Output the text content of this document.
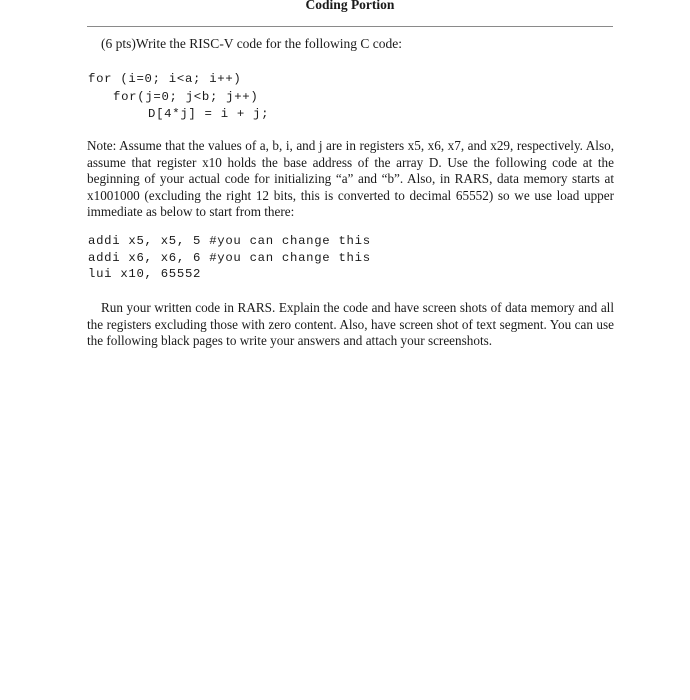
Coding Portion

(6 pts)Write the RISC-V code for the following C code:

for (i=0; i<a; i++)
for(j=0; j<b; j++)
D[4*j] = i + j;

Note: Assume that the values of a, b, i, and j are in registers x5, x6, x7, and x29, respectively. Also, assume that register x10 holds the base address of the array D. Use the following code at the beginning of your actual code for initializing “a” and “b”. Also, in RARS, data memory starts at x1001000 (excluding the right 12 bits, this is converted to decimal 65552) so we use load upper immediate as below to start from there:

addi x5, x5, 5 #you can change this
addi x6, x6, 6 #you can change this
lui x10, 65552

Run your written code in RARS. Explain the code and have screen shots of data memory and all the registers excluding those with zero content. Also, have screen shot of text segment. You can use the following black pages to write your answers and attach your screenshots.
